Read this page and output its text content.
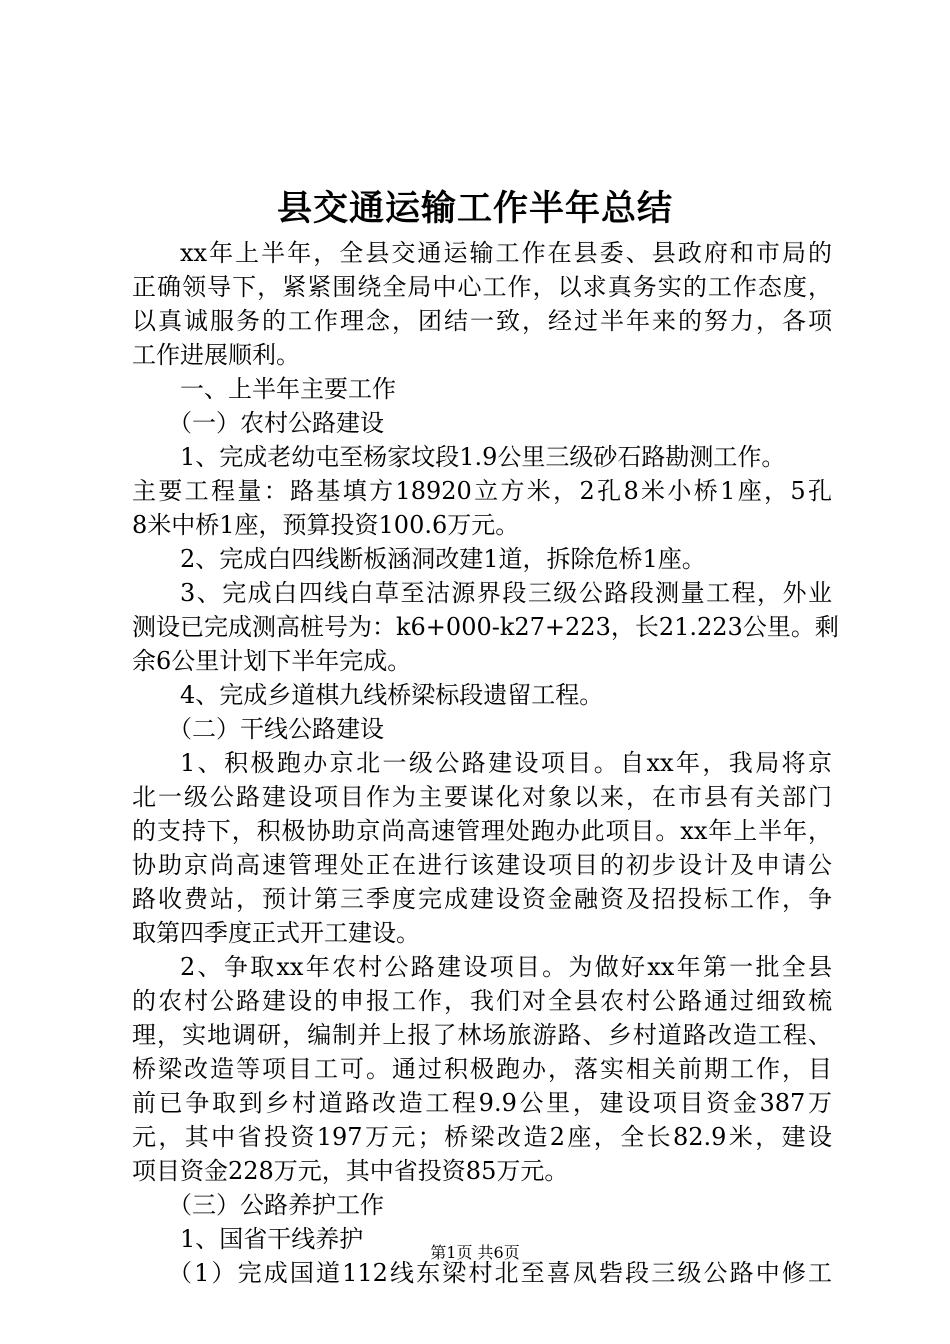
县交通运输工作半年总结
xx年上半年，全县交通运输工作在县委、县政府和市局的
正确领导下，紧紧围绕全局中心工作，以求真务实的工作态度，
以真诚服务的工作理念，团结一致，经过半年来的努力，各项
工作进展顺利。
一、上半年主要工作
（一）农村公路建设
1、完成老幼屯至杨家坟段1.9公里三级砂石路勘测工作。
主要工程量：路基填方18920立方米，2孔8米小桥1座，5孔
8米中桥1座，预算投资100.6万元。
2、完成白四线断板涵洞改建1道，拆除危桥1座。
3、完成白四线白草至沽源界段三级公路段测量工程，外业
测设已完成测高桩号为：k6+000-k27+223，长21.223公里。剩
余6公里计划下半年完成。
4、完成乡道棋九线桥梁标段遗留工程。
（二）干线公路建设
1、积极跑办京北一级公路建设项目。自xx年，我局将京
北一级公路建设项目作为主要谋化对象以来，在市县有关部门
的支持下，积极协助京尚高速管理处跑办此项目。xx年上半年，
协助京尚高速管理处正在进行该建设项目的初步设计及申请公
路收费站，预计第三季度完成建设资金融资及招投标工作，争
取第四季度正式开工建设。
2、争取xx年农村公路建设项目。为做好xx年第一批全县
的农村公路建设的申报工作，我们对全县农村公路通过细致梳
理，实地调研，编制并上报了林场旅游路、乡村道路改造工程、
桥梁改造等项目工可。通过积极跑办，落实相关前期工作，目
前已争取到乡村道路改造工程9.9公里，建设项目资金387万
元，其中省投资197万元；桥梁改造2座，全长82.9米，建设
项目资金228万元，其中省投资85万元。
（三）公路养护工作
1、国省干线养护
（1）完成国道112线东梁村北至喜凤砦段三级公路中修工
第1页 共6页
